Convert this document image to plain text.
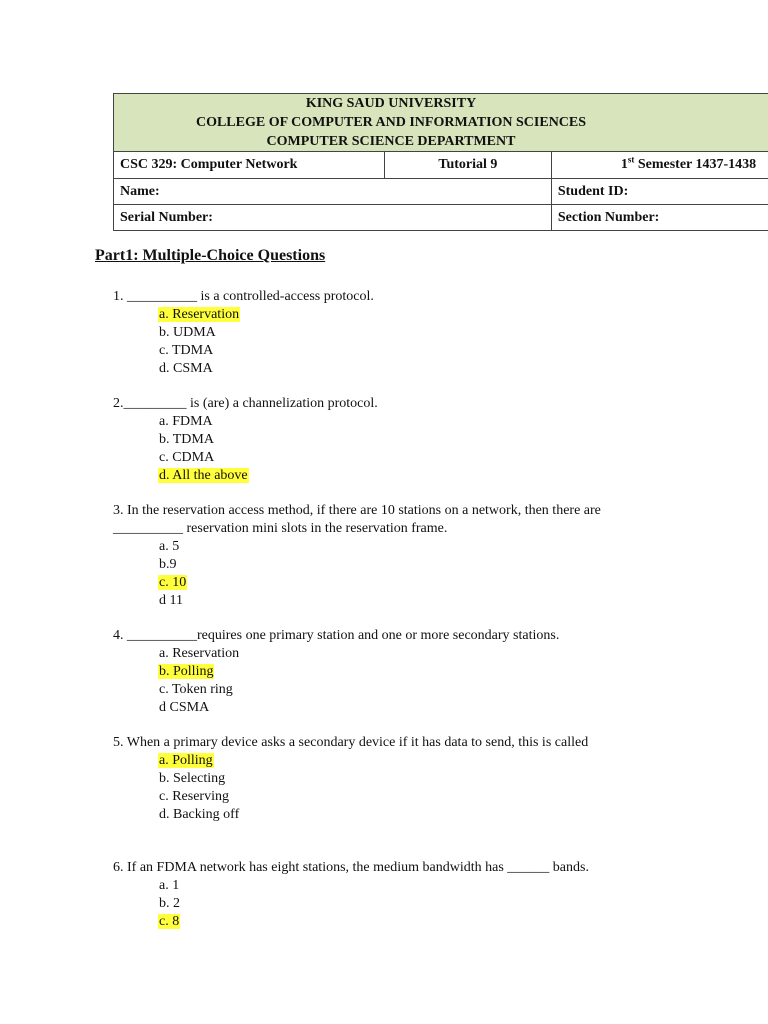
KING SAUD UNIVERSITY
COLLEGE OF COMPUTER AND INFORMATION SCIENCES
COMPUTER SCIENCE DEPARTMENT		

CSC 329: Computer Network	Tutorial 9	1st Semester 1437-1438
Name:		Student ID:
Serial Number:		Section Number:
Part1: Multiple-Choice Questions
1. __________ is a controlled-access protocol.
a. Reservation
b. UDMA
c. TDMA
d. CSMA
2._________ is (are) a channelization protocol.
a. FDMA
b. TDMA
c. CDMA
d. All the above
3. In the reservation access method, if there are 10 stations on a network, then there are __________ reservation mini slots in the reservation frame.
a. 5
b.9
c. 10
d 11
4. __________requires one primary station and one or more secondary stations.
a. Reservation
b. Polling
c. Token ring
d CSMA
5. When a primary device asks a secondary device if it has data to send, this is called
a. Polling
b. Selecting
c. Reserving
d. Backing off
6. If an FDMA network has eight stations, the medium bandwidth has ______ bands.
a. 1
b. 2
c. 8
